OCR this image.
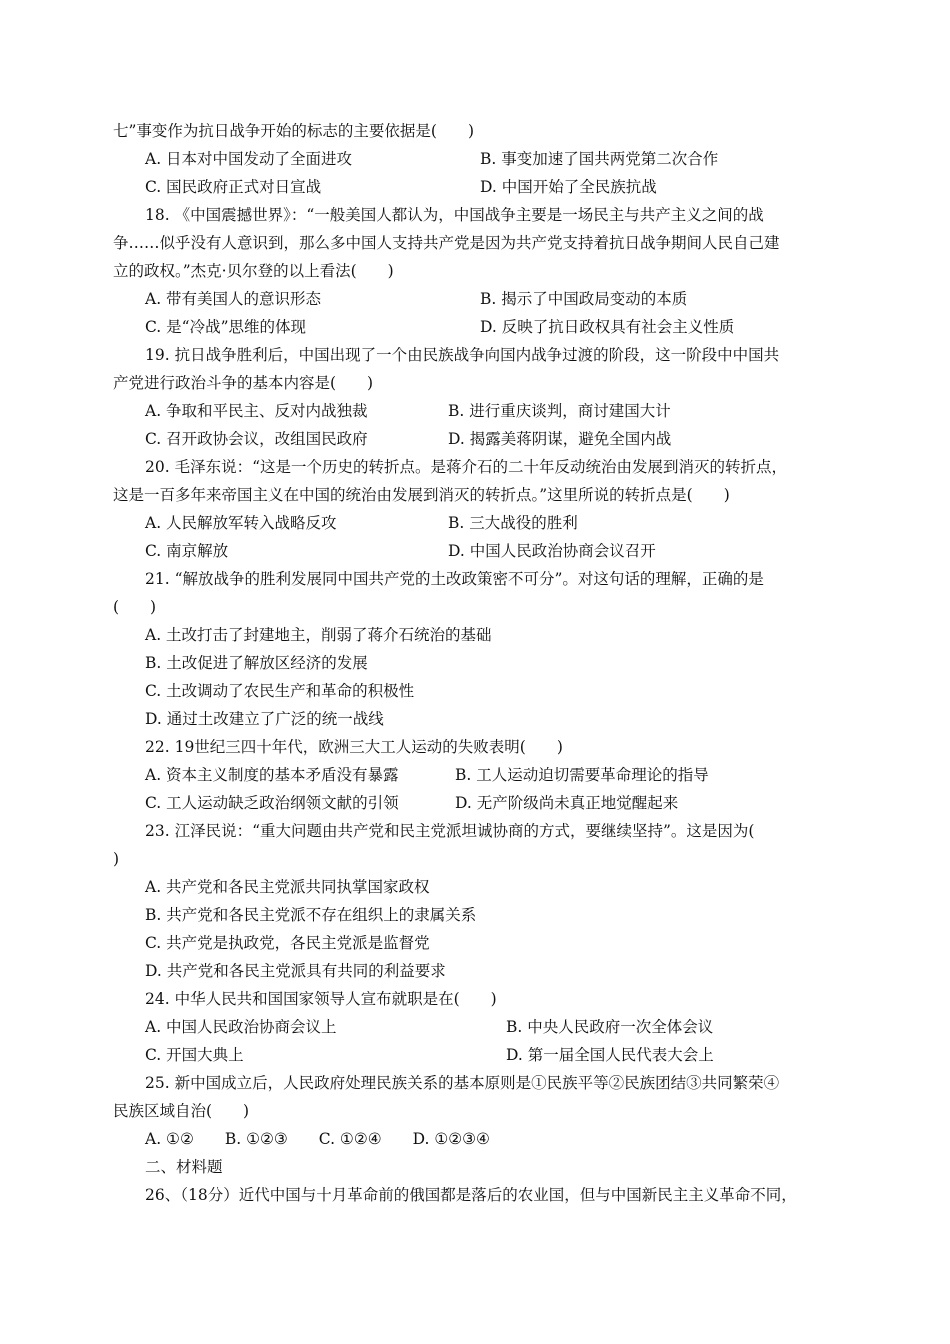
七”事变作为抗日战争开始的标志的主要依据是(　　)
A. 日本对中国发动了全面进攻	B. 事变加速了国共两党第二次合作
C. 国民政府正式对日宣战	D. 中国开始了全民族抗战
18. 《中国震撼世界》：“一般美国人都认为，中国战争主要是一场民主与共产主义之间的战
争……似乎没有人意识到，那么多中国人支持共产党是因为共产党支持着抗日战争期间人民自己建
立的政权。”杰克·贝尔登的以上看法(　　)
A. 带有美国人的意识形态	B. 揭示了中国政局变动的本质
C. 是“冷战”思维的体现	D. 反映了抗日政权具有社会主义性质
19. 抗日战争胜利后，中国出现了一个由民族战争向国内战争过渡的阶段，这一阶段中中国共
产党进行政治斗争的基本内容是(　　)
A. 争取和平民主、反对内战独裁	B. 进行重庆谈判，商讨建国大计
C. 召开政协会议，改组国民政府	D. 揭露美蒋阴谋，避免全国内战
20. 毛泽东说：“这是一个历史的转折点。是蒋介石的二十年反动统治由发展到消灭的转折点，
这是一百多年来帝国主义在中国的统治由发展到消灭的转折点。”这里所说的转折点是(　　)
A. 人民解放军转入战略反攻	B. 三大战役的胜利
C. 南京解放	D. 中国人民政治协商会议召开
21. “解放战争的胜利发展同中国共产党的土改政策密不可分”。对这句话的理解，正确的是
(　　)
A. 土改打击了封建地主，削弱了蒋介石统治的基础
B. 土改促进了解放区经济的发展
C. 土改调动了农民生产和革命的积极性
D. 通过土改建立了广泛的统一战线
22. 19世纪三四十年代，欧洲三大工人运动的失败表明(　　)
A. 资本主义制度的基本矛盾没有暴露	B. 工人运动迫切需要革命理论的指导
C. 工人运动缺乏政治纲领文献的引领	D. 无产阶级尚未真正地觉醒起来
23. 江泽民说：“重大问题由共产党和民主党派坦诚协商的方式，要继续坚持”。这是因为(
)
A. 共产党和各民主党派共同执掌国家政权
B. 共产党和各民主党派不存在组织上的隶属关系
C. 共产党是执政党，各民主党派是监督党
D. 共产党和各民主党派具有共同的利益要求
24. 中华人民共和国国家领导人宣布就职是在(　　)
A. 中国人民政治协商会议上	B. 中央人民政府一次全体会议
C. 开国大典上	D. 第一届全国人民代表大会上
25. 新中国成立后，人民政府处理民族关系的基本原则是①民族平等②民族团结③共同繁荣④
民族区域自治(　　)
A. ①②　　B. ①②③　　C. ①②④　　D. ①②③④
二、材料题
26、（18分）近代中国与十月革命前的俄国都是落后的农业国，但与中国新民主主义革命不同，
